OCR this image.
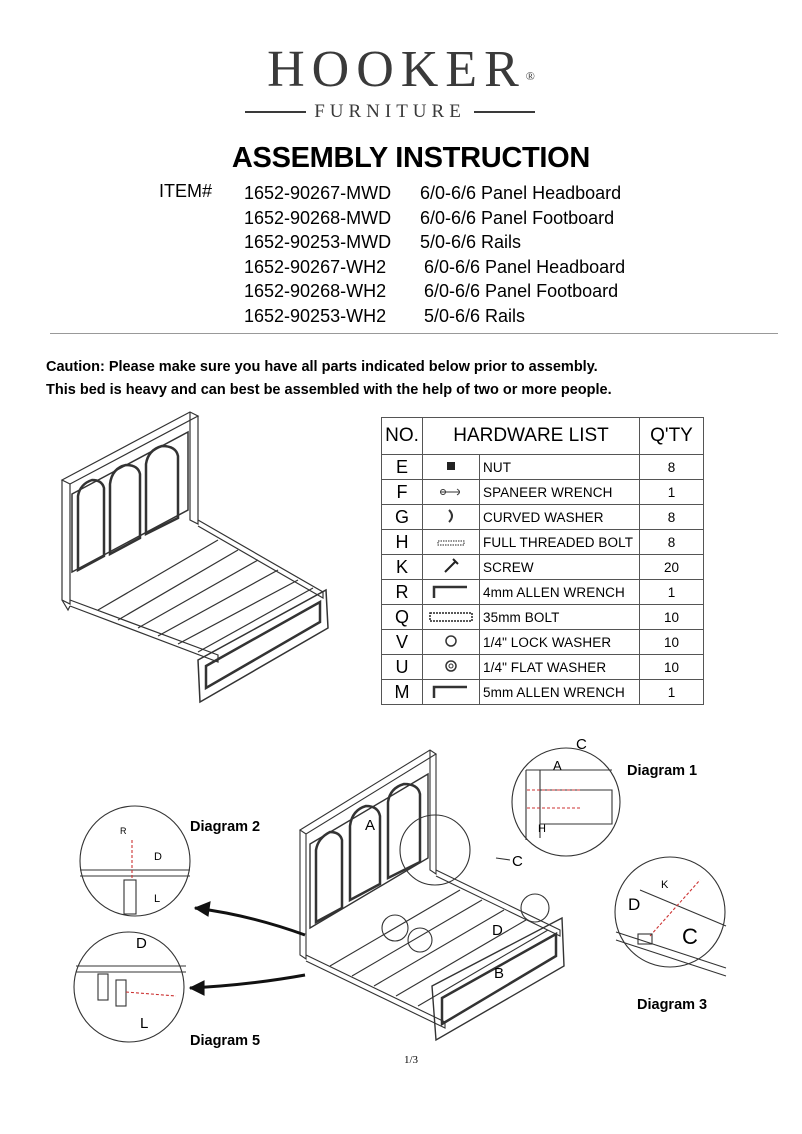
HOOKER®
FURNITURE
ASSEMBLY INSTRUCTION
ITEM# 1652-90267-MWD 6/0-6/6 Panel Headboard
1652-90268-MWD 6/0-6/6 Panel Footboard
1652-90253-MWD 5/0-6/6 Rails
1652-90267-WH2 6/0-6/6 Panel Headboard
1652-90268-WH2 6/0-6/6 Panel Footboard
1652-90253-WH2 5/0-6/6 Rails
Caution: Please make sure you have all parts indicated below prior to assembly.
This bed is heavy and can best be assembled with the help of two or more people.
NO.	HARDWARE LIST		Q'TY
E		NUT	8
F		SPANEER WRENCH	1
G		CURVED WASHER	8
H		FULL THREADED BOLT	8
K		SCREW	20
R		4mm ALLEN WRENCH	1
Q		35mm BOLT	10
V		1/4" LOCK WASHER	10
U		1/4" FLAT WASHER	10
M		5mm ALLEN WRENCH	1
A
C
D
B
C
A
H
R
D
L
D
L
K
D
C
Diagram 1
Diagram 2
Diagram 3
Diagram 5
1/3
